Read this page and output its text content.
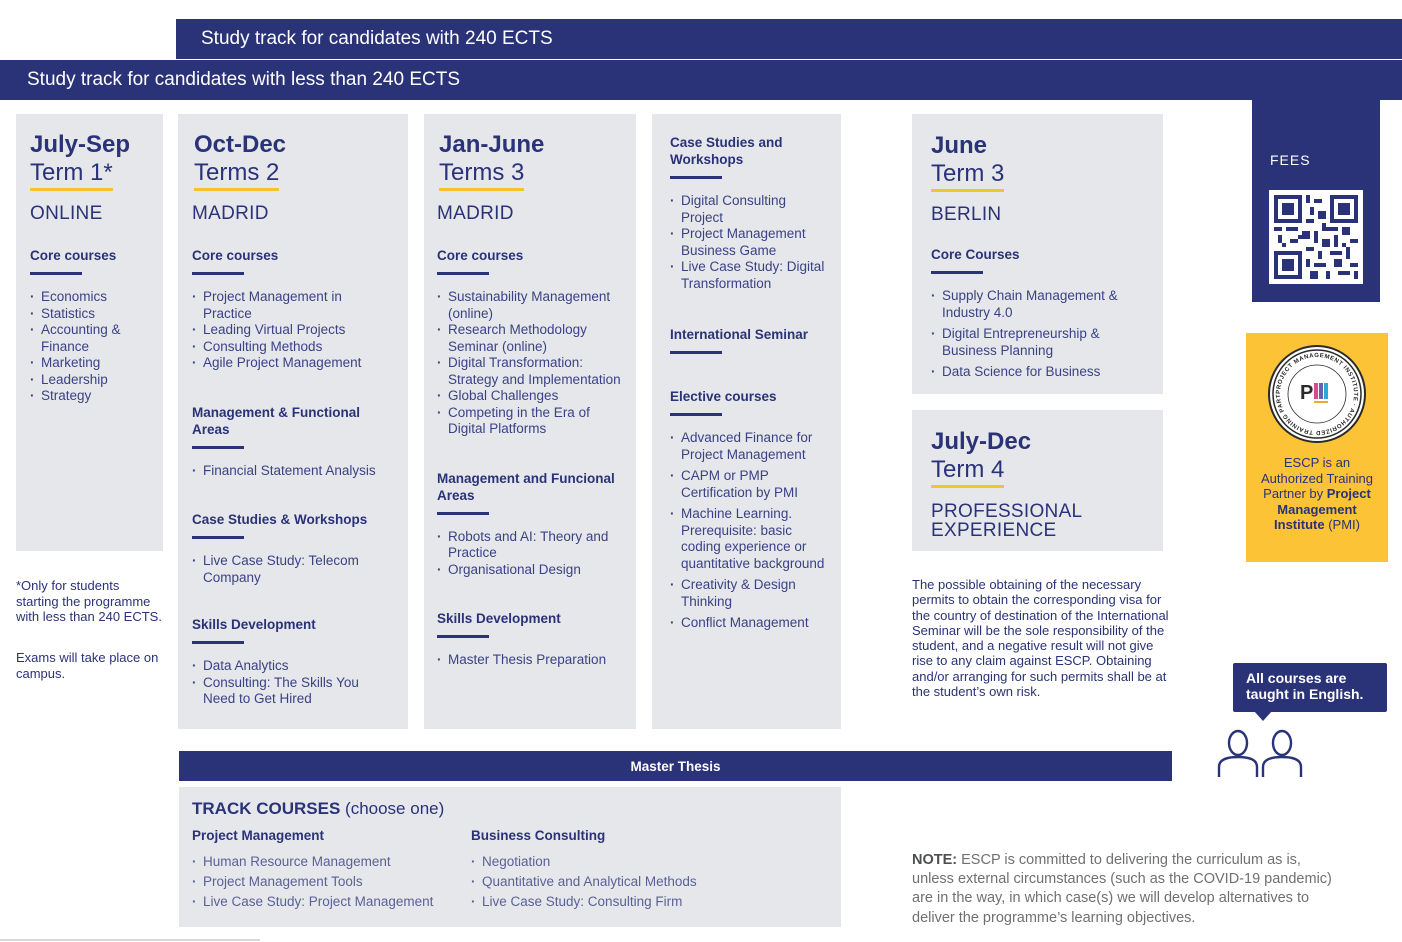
Study track for candidates with 240 ECTS
Study track for candidates with less than 240 ECTS
July-Sep
Term 1*
ONLINE
Core courses
· Economics
· Statistics
· Accounting & Finance
· Marketing
· Leadership
· Strategy
*Only for students starting the programme with less than 240 ECTS.
Exams will take place on campus.
Oct-Dec
Terms 2
MADRID
Core courses
· Project Management in Practice
· Leading Virtual Projects
· Consulting Methods
· Agile Project Management
Management & Functional Areas
· Financial Statement Analysis
Case Studies & Workshops
· Live Case Study: Telecom Company
Skills Development
· Data Analytics
· Consulting: The Skills You Need to Get Hired
Jan-June
Terms 3
MADRID
Core courses
· Sustainability Management (online)
· Research Methodology Seminar (online)
· Digital Transformation: Strategy and Implementation
· Global Challenges
· Competing in the Era of Digital Platforms
Management and Funcional Areas
· Robots and AI: Theory and Practice
· Organisational Design
Skills Development
· Master Thesis Preparation
Case Studies and Workshops
· Digital Consulting Project
· Project Management Business Game
· Live Case Study: Digital Transformation
International Seminar
Elective courses
· Advanced Finance for Project Management
· CAPM or PMP Certification by PMI
· Machine Learning. Prerequisite: basic coding experience or quantitative background
· Creativity & Design Thinking
· Conflict Management
June
Term 3
BERLIN
Core Courses
· Supply Chain Management & Industry 4.0
· Digital Entrepreneurship & Business Planning
· Data Science for Business
July-Dec
Term 4
PROFESSIONAL EXPERIENCE
The possible obtaining of the necessary permits to obtain the corresponding visa for the country of destination of the International Seminar will be the sole responsibility of the student, and a negative result will not give rise to any claim against ESCP. Obtaining and/or arranging for such permits shall be at the student’s own risk.
FEES
PROJECT MANAGEMENT INSTITUTE · AUTHORIZED TRAINING PART P
ESCP is an Authorized Training Partner by Project Management Institute (PMI)
All courses are taught in English.
Master Thesis
TRACK COURSES (choose one)
Project Management
· Human Resource Management
· Project Management Tools
· Live Case Study: Project Management
Business Consulting
· Negotiation
· Quantitative and Analytical Methods
· Live Case Study: Consulting Firm
NOTE: ESCP is committed to delivering the curriculum as is, unless external circumstances (such as the COVID-19 pandemic) are in the way, in which case(s) we will develop alternatives to deliver the programme’s learning objectives.
